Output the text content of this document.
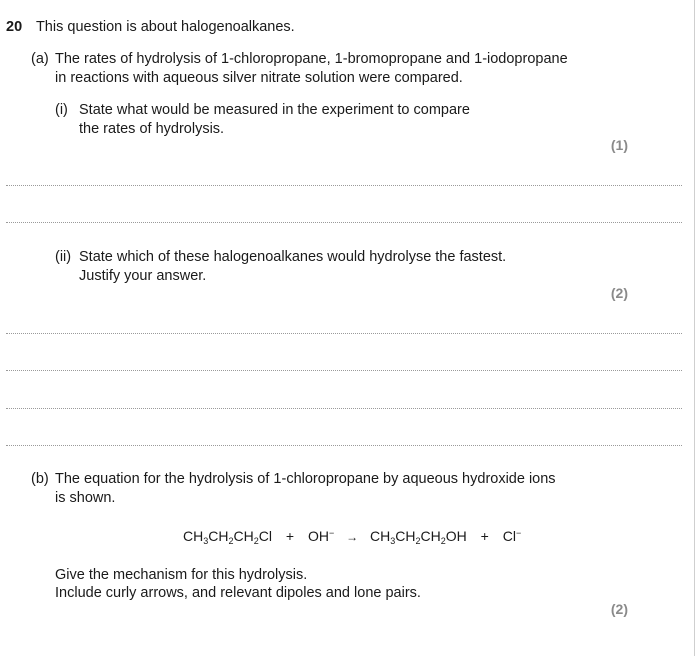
20 This question is about halogenoalkanes.
(a) The rates of hydrolysis of 1-chloropropane, 1-bromopropane and 1-iodopropane
in reactions with aqueous silver nitrate solution were compared.
(i) State what would be measured in the experiment to compare
the rates of hydrolysis.
(1)
(ii) State which of these halogenoalkanes would hydrolyse the fastest.
Justify your answer.
(2)
(b) The equation for the hydrolysis of 1-chloropropane by aqueous hydroxide ions
is shown.
$CH_3CH_2CH_2Cl + OH^- \to CH_3CH_2CH_2OH + Cl^-$
Give the mechanism for this hydrolysis.
Include curly arrows, and relevant dipoles and lone pairs.
(2)
